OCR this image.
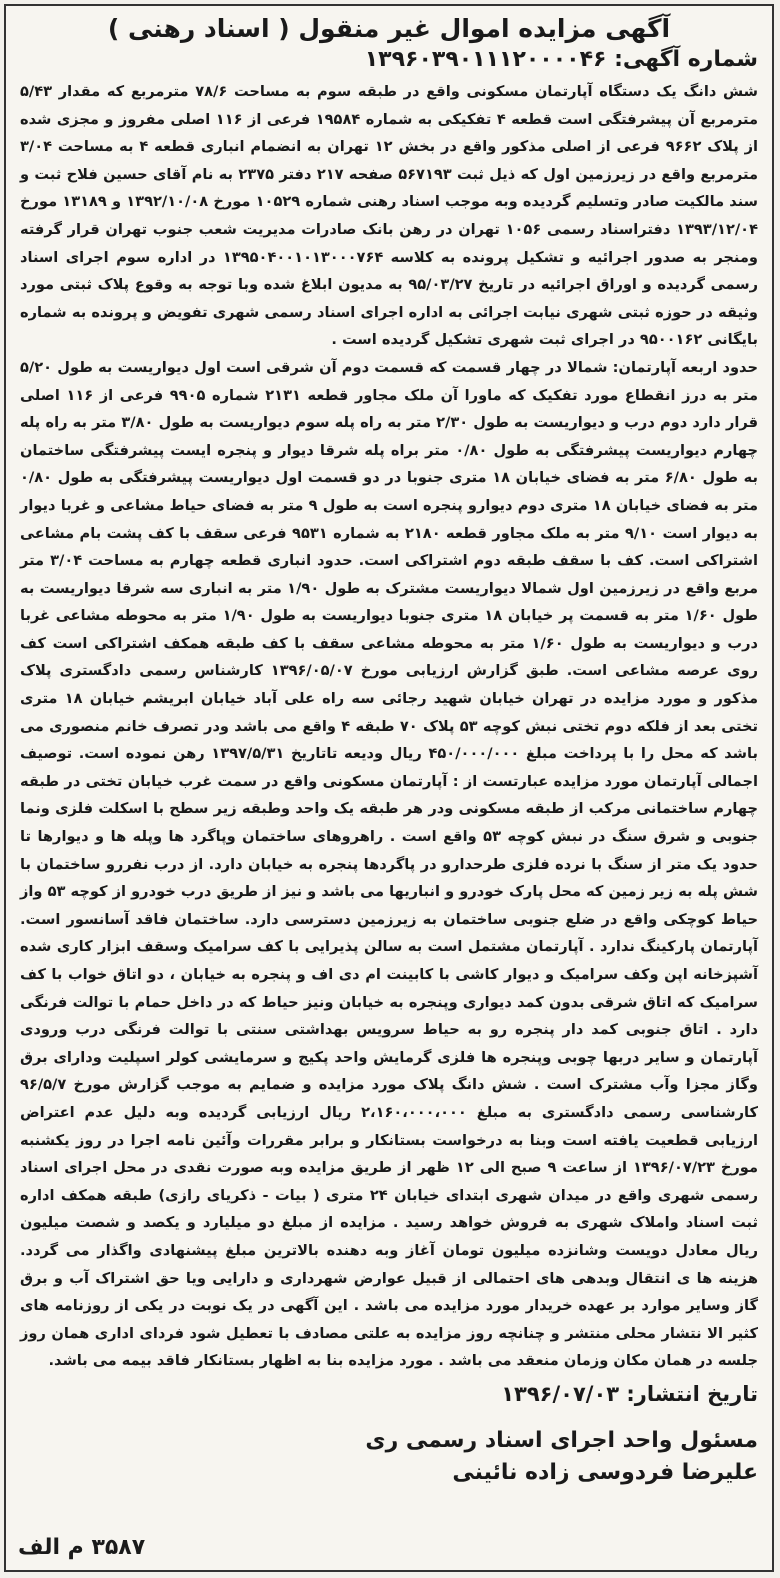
آگهی مزایده اموال غیر منقول ( اسناد رهنی )
شماره آگهی: ۱۳۹۶۰۳۹۰۱۱۱۲۰۰۰۰۴۶

شش دانگ یک دستگاه آپارتمان مسکونی واقع در طبقه سوم به مساحت ۷۸/۶ مترمربع که مقدار ۵/۴۳ مترمربع آن پیشرفتگی است قطعه ۴ تفکیکی به شماره ۱۹۵۸۴ فرعی از ۱۱۶ اصلی مفروز و مجزی شده از پلاک ۹۶۶۲ فرعی از اصلی مذکور واقع در بخش ۱۲ تهران به انضمام انباری قطعه ۴ به مساحت ۳/۰۴ مترمربع واقع در زیرزمین اول که ذیل ثبت ۵۶۷۱۹۳ صفحه ۲۱۷ دفتر ۲۳۷۵ به نام آقای حسین فلاح ثبت و سند مالکیت صادر وتسلیم گردیده وبه موجب اسناد رهنی شماره ۱۰۵۲۹ مورخ ۱۳۹۲/۱۰/۰۸ و ۱۳۱۸۹ مورخ ۱۳۹۳/۱۲/۰۴ دفتراسناد رسمی ۱۰۵۶ تهران در رهن بانک صادرات مدیریت شعب جنوب تهران قرار گرفته ومنجر به صدور اجرائیه و تشکیل پرونده به کلاسه ۱۳۹۵۰۴۰۰۱۰۱۳۰۰۰۷۶۴ در اداره سوم اجرای اسناد رسمی گردیده و اوراق اجرائیه در تاریخ ۹۵/۰۳/۲۷ به مدیون ابلاغ شده وبا توجه به وقوع پلاک ثبتی مورد وثیقه در حوزه ثبتی شهری نیابت اجرائی به اداره اجرای اسناد رسمی شهری تفویض و پرونده به شماره بایگانی ۹۵۰۰۱۶۲ در اجرای ثبت شهری تشکیل گردیده است .

حدود اربعه آپارتمان: شمالا در چهار قسمت که قسمت دوم آن شرقی است اول دیواریست به طول ۵/۲۰ متر به درز انقطاع مورد تفکیک که ماورا آن ملک مجاور قطعه ۲۱۳۱ شماره ۹۹۰۵ فرعی از ۱۱۶ اصلی قرار دارد دوم درب و دیواریست به طول ۲/۳۰ متر به راه پله سوم دیواریست به طول ۳/۸۰ متر به راه پله چهارم دیواریست پیشرفتگی به طول ۰/۸۰ متر براه پله شرقا دیوار و پنجره ایست پیشرفتگی ساختمان به طول ۶/۸۰ متر به فضای خیابان ۱۸ متری جنوبا در دو قسمت اول دیواریست پیشرفتگی به طول ۰/۸۰ متر به فضای خیابان ۱۸ متری دوم دیوارو پنجره است به طول ۹ متر به فضای حیاط مشاعی و غربا دیوار به دیوار است ۹/۱۰ متر به ملک مجاور قطعه ۲۱۸۰ به شماره ۹۵۳۱ فرعی سقف با کف پشت بام مشاعی اشتراکی است. کف با سقف طبقه دوم اشتراکی است. حدود انباری قطعه چهارم به مساحت ۳/۰۴ متر مربع واقع در زیرزمین اول شمالا دیواریست مشترک به طول ۱/۹۰ متر به انباری سه شرقا دیواریست به طول ۱/۶۰ متر به قسمت پر خیابان ۱۸ متری جنوبا دیواریست به طول ۱/۹۰ متر به محوطه مشاعی غربا درب و دیواریست به طول ۱/۶۰ متر به محوطه مشاعی سقف با کف طبقه همکف اشتراکی است کف روی عرصه مشاعی است. طبق گزارش ارزیابی مورخ ۱۳۹۶/۰۵/۰۷ کارشناس رسمی دادگستری پلاک مذکور و مورد مزایده در تهران خیابان شهید رجائی سه راه علی آباد خیابان ابریشم خیابان ۱۸ متری تختی بعد از فلکه دوم تختی نبش کوچه ۵۳ پلاک ۷۰ طبقه ۴ واقع می باشد ودر تصرف خانم منصوری می باشد که محل را با پرداخت مبلغ ۴۵۰/۰۰۰/۰۰۰ ریال ودیعه تاتاریخ ۱۳۹۷/۵/۳۱ رهن نموده است. توصیف اجمالی آپارتمان مورد مزایده عبارتست از : آپارتمان مسکونی واقع در سمت غرب خیابان تختی در طبقه چهارم ساختمانی مرکب از طبقه مسکونی ودر هر طبقه یک واحد وطبقه زیر سطح با اسکلت فلزی ونما جنوبی و شرق سنگ در نبش کوچه ۵۳ واقع است . راهروهای ساختمان وپاگرد ها وپله ها و دیوارها تا حدود یک متر از سنگ با نرده فلزی طرحدارو در پاگردها پنجره به خیابان دارد. از درب نفررو ساختمان با شش پله به زیر زمین که محل پارک خودرو و انباریها می باشد و نیز از طریق درب خودرو از کوچه ۵۳ واز حیاط کوچکی واقع در ضلع جنوبی ساختمان به زیرزمین دسترسی دارد. ساختمان فاقد آسانسور است. آپارتمان پارکینگ ندارد . آپارتمان مشتمل است به سالن پذیرایی با کف سرامیک وسقف ابزار کاری شده آشپزخانه اپن وکف سرامیک و دیوار کاشی با کابینت ام دی اف و پنجره به خیابان ، دو اتاق خواب با کف سرامیک که اتاق شرقی بدون کمد دیواری وپنجره به خیابان ونیز حیاط که در داخل حمام با توالت فرنگی دارد . اتاق جنوبی کمد دار پنجره رو به حیاط سرویس بهداشتی سنتی با توالت فرنگی درب ورودی آپارتمان و سایر دربها چوبی وپنجره ها فلزی گرمایش واحد پکیج و سرمایشی کولر اسپلیت ودارای برق وگاز مجزا وآب مشترک است . شش دانگ پلاک مورد مزایده و ضمایم به موجب گزارش مورخ ۹۶/۵/۷ کارشناسی رسمی دادگستری به مبلغ ۲،۱۶۰،۰۰۰،۰۰۰ ریال ارزیابی گردیده وبه دلیل عدم اعتراض ارزیابی قطعیت یافته است وبنا به درخواست بستانکار و برابر مقررات وآئین نامه اجرا در روز یکشنبه مورخ ۱۳۹۶/۰۷/۲۳ از ساعت ۹ صبح الی ۱۲ ظهر از طریق مزایده وبه صورت نقدی در محل اجرای اسناد رسمی شهری واقع در میدان شهری ابتدای خیابان ۲۴ متری ( بیات - ذکریای رازی) طبقه همکف اداره ثبت اسناد واملاک شهری به فروش خواهد رسید . مزایده از مبلغ دو میلیارد و یکصد و شصت میلیون ریال معادل دویست وشانزده میلیون تومان آغاز وبه دهنده بالاترین مبلغ پیشنهادی واگذار می گردد. هزینه ها ی انتقال وبدهی های احتمالی از قبیل عوارض شهرداری و دارایی ویا حق اشتراک آب و برق گاز وسایر موارد بر عهده خریدار مورد مزایده می باشد . این آگهی در یک نوبت در یکی از روزنامه های کثیر الا نتشار محلی منتشر و چنانچه روز مزایده به علتی مصادف با تعطیل شود فردای اداری همان روز جلسه در همان مکان وزمان منعقد می باشد . مورد مزایده بنا به اظهار بستانکار فاقد بیمه می باشد.

تاریخ انتشار: ۱۳۹۶/۰۷/۰۳
مسئول واحد اجرای اسناد رسمی ری
علیرضا فردوسی زاده نائینی
۳۵۸۷ م الف
